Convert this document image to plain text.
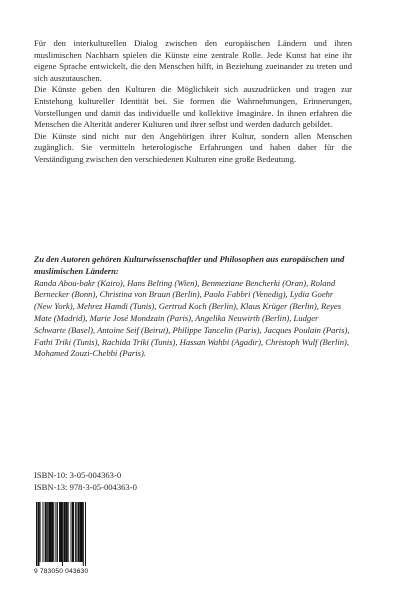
Für den interkulturellen Dialog zwischen den europäischen Ländern und ihren muslimischen Nachbarn spielen die Künste eine zentrale Rolle. Jede Kunst hat eine ihr eigene Sprache entwickelt, die den Menschen hilft, in Beziehung zueinander zu treten und sich auszutauschen.

Die Künste geben den Kulturen die Möglichkeit sich auszudrücken und tragen zur Entstehung kultureller Identität bei. Sie formen die Wahrnehmungen, Erinnerungen, Vorstellungen und damit das individuelle und kollektive Imaginäre. In ihnen erfahren die Menschen die Alterität anderer Kulturen und ihrer selbst und werden dadurch gebildet.

Die Künste sind nicht nur den Angehörigen ihrer Kultur, sondern allen Menschen zugänglich. Sie vermitteln heterologische Erfahrungen und haben daher für die Verständigung zwischen den verschiedenen Kulturen eine große Bedeutung.

Zu den Autoren gehören Kulturwissenschaftler und Philosophen aus europäischen und muslimischen Ländern:

Randa Abou-bakr (Kairo), Hans Belting (Wien), Benmeziane Bencherki (Oran), Roland Bernecker (Bonn), Christina von Braun (Berlin), Paolo Fabbri (Venedig), Lydia Goehr (New York), Mehrez Hamdi (Tunis), Gertrud Koch (Berlin), Klaus Krüger (Berlin), Reyes Mate (Madrid), Marie José Mondzain (Paris), Angelika Neuwirth (Berlin), Ludger Schwarte (Basel), Antoine Seif (Beirut), Philippe Tancelin (Paris), Jacques Poulain (Paris), Fathi Triki (Tunis), Rachida Triki (Tunis), Hassan Wahbi (Agadir), Christoph Wulf (Berlin), Mohamed Zouzi-Chebbi (Paris).

ISBN-10: 3-05-004363-0
ISBN-13: 978-3-05-004363-0
9 783050 043630
